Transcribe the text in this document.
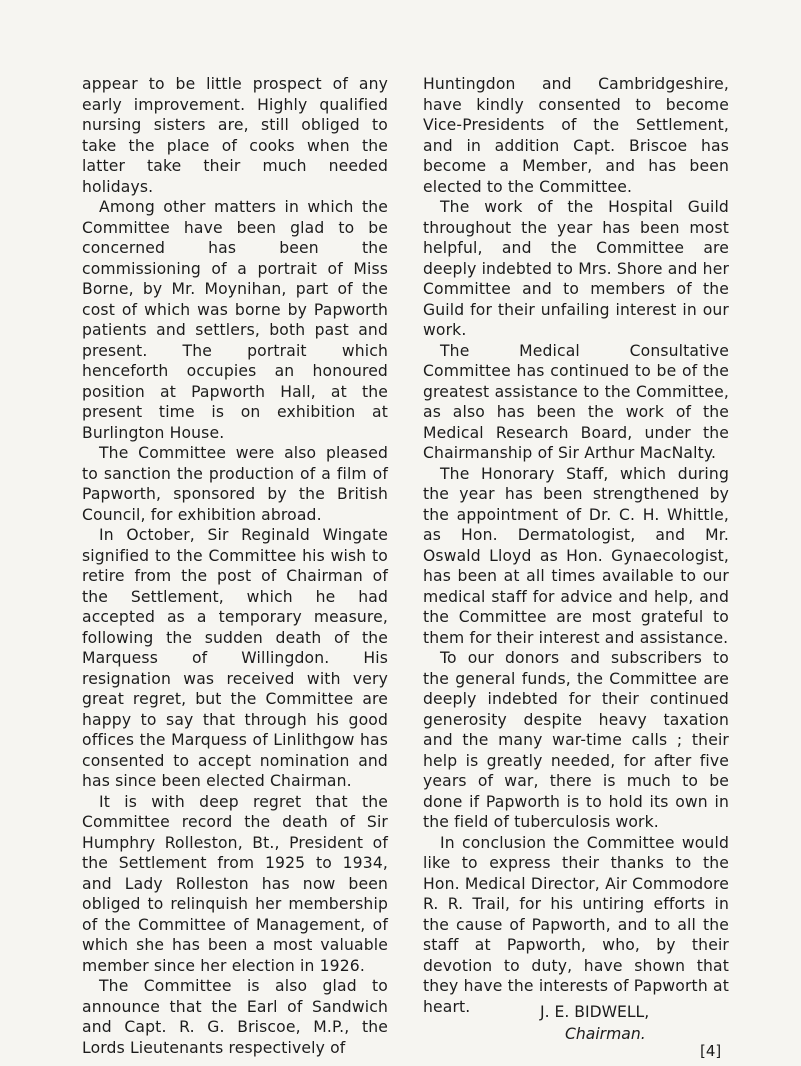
appear to be little prospect of any early improvement. Highly qualified nursing sisters are, still obliged to take the place of cooks when the latter take their much needed holidays.

Among other matters in which the Committee have been glad to be concerned has been the commissioning of a portrait of Miss Borne, by Mr. Moynihan, part of the cost of which was borne by Papworth patients and settlers, both past and present. The portrait which henceforth occupies an honoured position at Papworth Hall, at the present time is on exhibition at Burlington House.

The Committee were also pleased to sanction the production of a film of Papworth, sponsored by the British Council, for exhibition abroad.

In October, Sir Reginald Wingate signified to the Committee his wish to retire from the post of Chairman of the Settlement, which he had accepted as a temporary measure, following the sudden death of the Marquess of Willingdon. His resignation was received with very great regret, but the Committee are happy to say that through his good offices the Marquess of Linlithgow has consented to accept nomination and has since been elected Chairman.

It is with deep regret that the Committee record the death of Sir Humphry Rolleston, Bt., President of the Settlement from 1925 to 1934, and Lady Rolleston has now been obliged to relinquish her membership of the Committee of Management, of which she has been a most valuable member since her election in 1926.

The Committee is also glad to announce that the Earl of Sandwich and Capt. R. G. Briscoe, M.P., the Lords Lieutenants respectively of

Huntingdon and Cambridgeshire, have kindly consented to become Vice-Presidents of the Settlement, and in addition Capt. Briscoe has become a Member, and has been elected to the Committee.

The work of the Hospital Guild throughout the year has been most helpful, and the Committee are deeply indebted to Mrs. Shore and her Committee and to members of the Guild for their unfailing interest in our work.

The Medical Consultative Committee has continued to be of the greatest assistance to the Committee, as also has been the work of the Medical Research Board, under the Chairmanship of Sir Arthur MacNalty.

The Honorary Staff, which during the year has been strengthened by the appointment of Dr. C. H. Whittle, as Hon. Dermatologist, and Mr. Oswald Lloyd as Hon. Gynaecologist, has been at all times available to our medical staff for advice and help, and the Committee are most grateful to them for their interest and assistance.

To our donors and subscribers to the general funds, the Committee are deeply indebted for their continued generosity despite heavy taxation and the many war-time calls ; their help is greatly needed, for after five years of war, there is much to be done if Papworth is to hold its own in the field of tuberculosis work.

In conclusion the Committee would like to express their thanks to the Hon. Medical Director, Air Commodore R. R. Trail, for his untiring efforts in the cause of Papworth, and to all the staff at Papworth, who, by their devotion to duty, have shown that they have the interests of Papworth at heart.	J. E. BIDWELL,
Chairman.
[4]
